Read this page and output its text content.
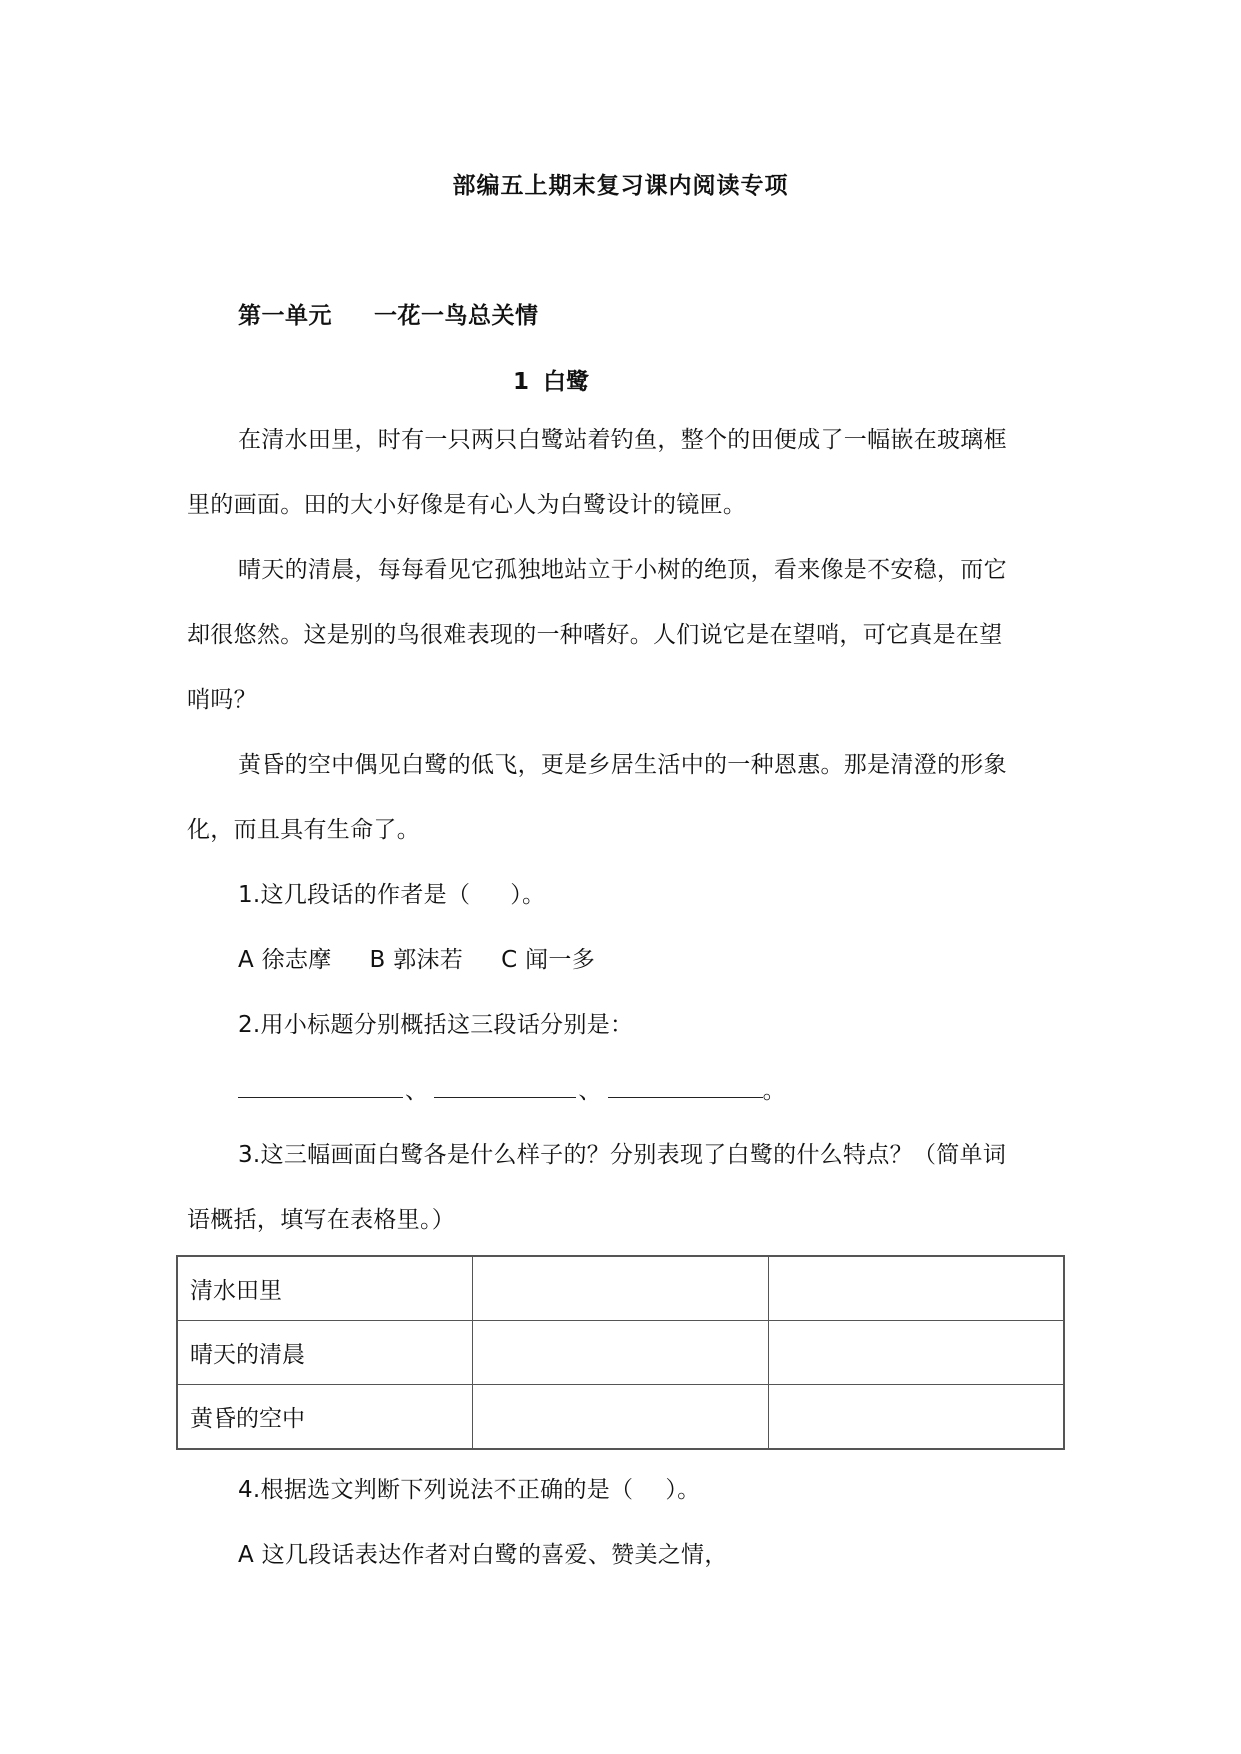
部编五上期末复习课内阅读专项
第一单元 一花一鸟总关情
1 白鹭
在清水田里，时有一只两只白鹭站着钓鱼，整个的田便成了一幅嵌在玻璃框
里的画面。田的大小好像是有心人为白鹭设计的镜匣。
晴天的清晨，每每看见它孤独地站立于小树的绝顶，看来像是不安稳，而它
却很悠然。这是别的鸟很难表现的一种嗜好。人们说它是在望哨，可它真是在望
哨吗？
黄昏的空中偶见白鹭的低飞，更是乡居生活中的一种恩惠。那是清澄的形象
化，而且具有生命了。
1.这几段话的作者是（ ）。
A 徐志摩 B 郭沫若 C 闻一多
2.用小标题分别概括这三段话分别是：
、	、	。
3.这三幅画面白鹭各是什么样子的？分别表现了白鹭的什么特点？（简单词
语概括，填写在表格里。）
清水田里		
晴天的清晨		
黄昏的空中		
4.根据选文判断下列说法不正确的是（ ）。
A 这几段话表达作者对白鹭的喜爱、赞美之情，
